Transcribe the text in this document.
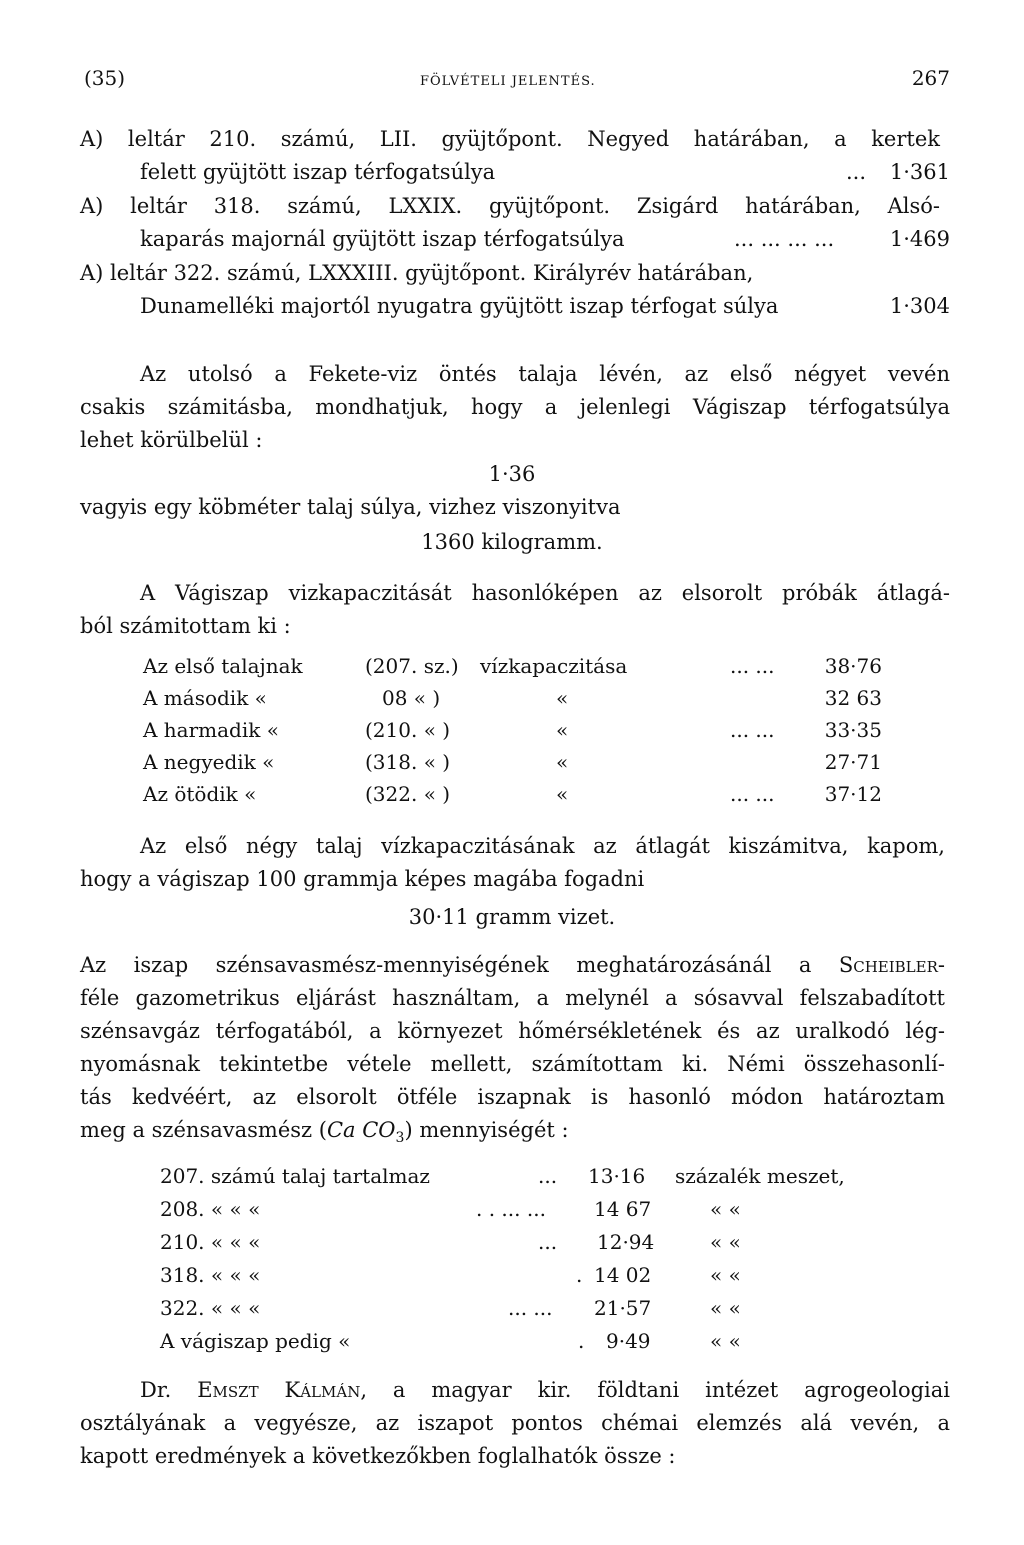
(35)	FÖLVÉTELI JELENTÉS.	267
A) leltár 210. számú, LII. gyüjtőpont. Negyed határában, a kertek
felett gyüjtött iszap térfogatsúlya	...	1·361
A) leltár 318. számú, LXXIX. gyüjtőpont. Zsigárd határában, Alsó-
kaparás majornál gyüjtött iszap térfogatsúlya	... ... ... ...	1·469
A) leltár 322. számú, LXXXIII. gyüjtőpont. Királyrév határában,
Dunamelléki majortól nyugatra gyüjtött iszap térfogat súlya	1·304
Az utolsó a Fekete-viz öntés talaja lévén, az első négyet vevén
csakis számitásba, mondhatjuk, hogy a jelenlegi Vágiszap térfogatsúlya
lehet körülbelül :
1·36
vagyis egy köbméter talaj súlya, vizhez viszonyitva
1360 kilogramm.
A Vágiszap vizkapaczitását hasonlóképen az elsorolt próbák átlagá-
ból számitottam ki :
Az első talajnak	(207. sz.) vízkapaczitása	... ...	38·76
A második «	08 « )	«	32 63
A harmadik «	(210. « )	«	... ...	33·35
A negyedik «	(318. « )	«	27·71
Az ötödik «	(322. « )	«	... ...	37·12
Az első négy talaj vízkapaczitásának az átlagát kiszámitva, kapom,
hogy a vágiszap 100 grammja képes magába fogadni
30·11 gramm vizet.
Az iszap szénsavasmész-mennyiségének meghatározásánál a Scheibler-
féle gazometrikus eljárást használtam, a melynél a sósavval felszabadított
szénsavgáz térfogatából, a környezet hőmérsékletének és az uralkodó lég-
nyomásnak tekintetbe vétele mellett, számítottam ki. Némi összehasonlí-
tás kedvéért, az elsorolt ötféle iszapnak is hasonló módon határoztam
meg a szénsavasmész (Ca $CO_3$) mennyiségét :
207. számú talaj tartalmaz	... 13·16 százalék meszet,
208. « « «	. . ... ... 14 67	« «
210. « « «	... 12·94	« «
318. « « «	. 14 02	« «
322. « « «	... ... 21·57	« «
A vágiszap pedig «	. 9·49	« «
Dr. Emszt Kálmán, a magyar kir. földtani intézet agrogeologiai
osztályának a vegyésze, az iszapot pontos chémai elemzés alá vevén, a
kapott eredmények a következőkben foglalhatók össze :
